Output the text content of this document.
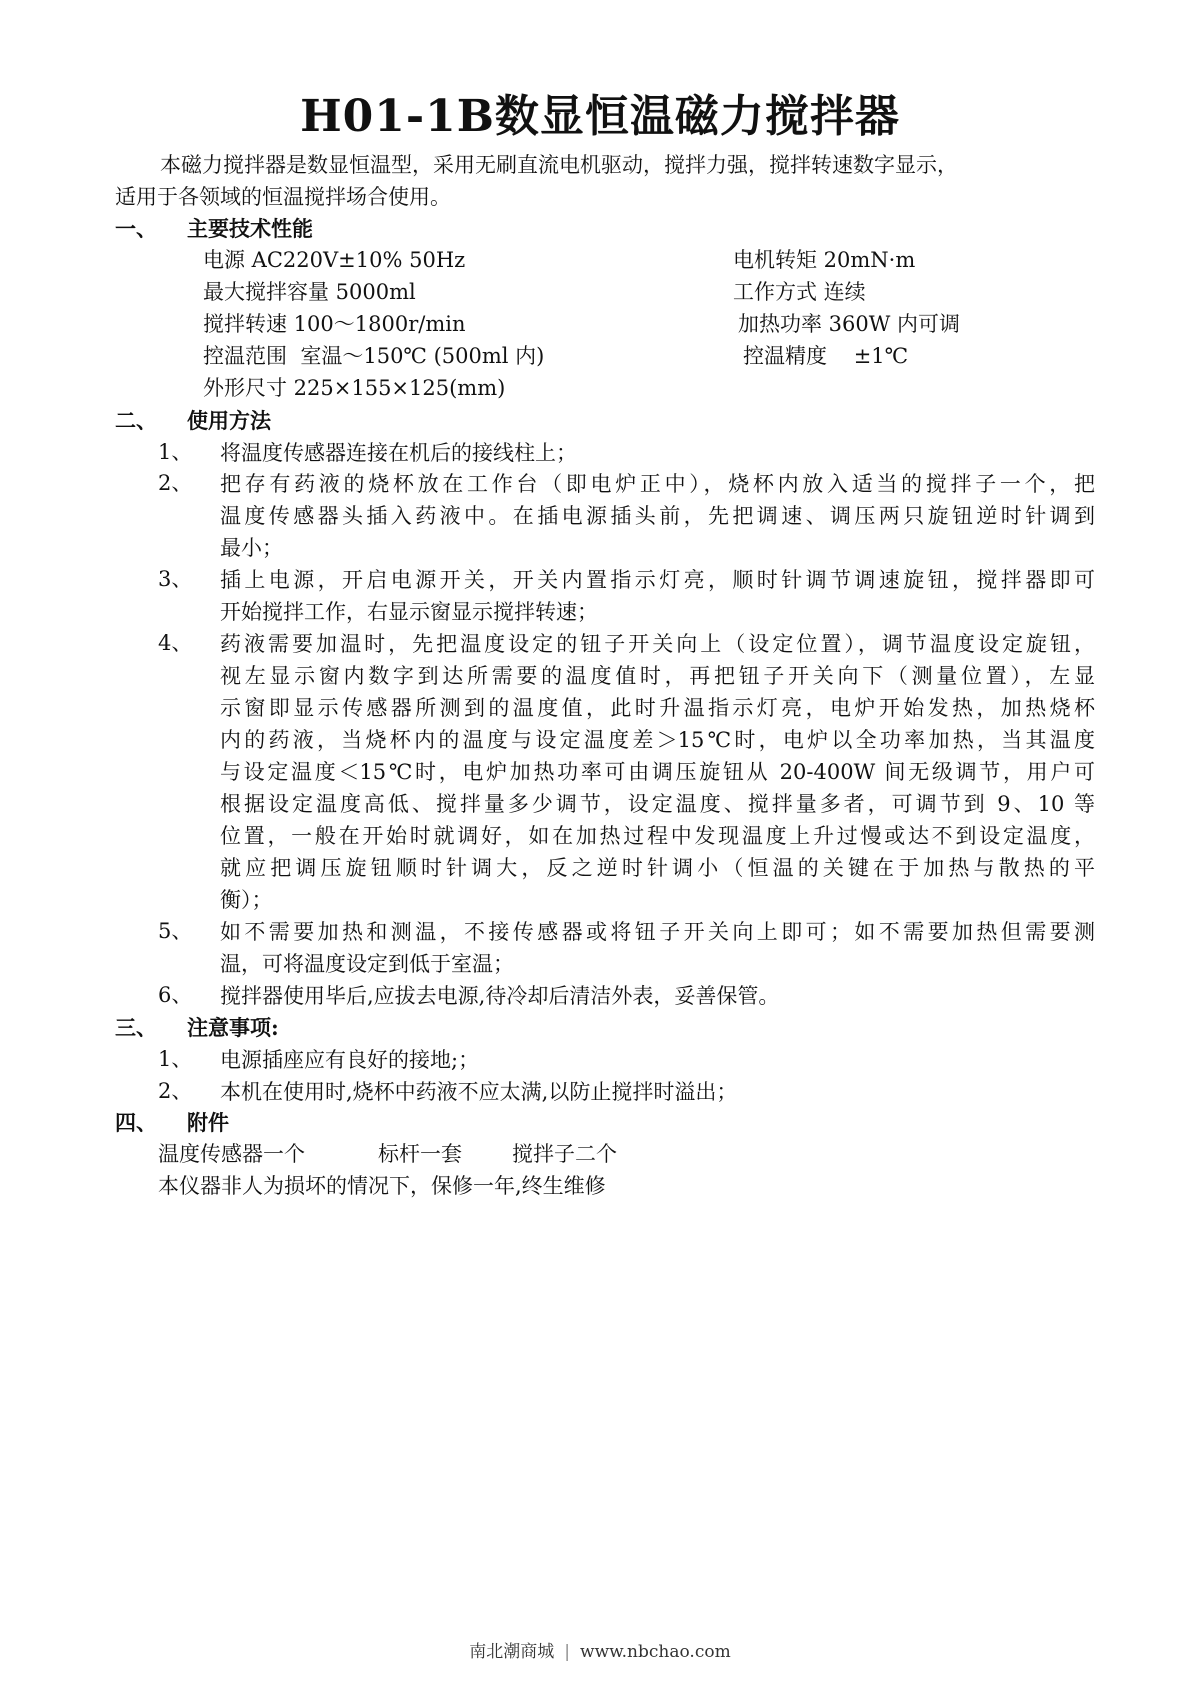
H01-1B数显恒温磁力搅拌器
本磁力搅拌器是数显恒温型，采用无刷直流电机驱动，搅拌力强，搅拌转速数字显示，
适用于各领域的恒温搅拌场合使用。
一、 主要技术性能
电源 AC220V±10% 50Hz	电机转矩 20mN·m
最大搅拌容量 5000ml	工作方式 连续
搅拌转速 100～1800r/min	加热功率 360W 内可调
控温范围  室温～150℃ (500ml 内)	控温精度    ±1℃
外形尺寸 225×155×125(mm)
二、 使用方法
1、 将温度传感器连接在机后的接线柱上；
2、 把存有药液的烧杯放在工作台（即电炉正中），烧杯内放入适当的搅拌子一个，把
温度传感器头插入药液中。在插电源插头前，先把调速、调压两只旋钮逆时针调到
最小；
3、 插上电源，开启电源开关，开关内置指示灯亮，顺时针调节调速旋钮，搅拌器即可
开始搅拌工作，右显示窗显示搅拌转速；
4、 药液需要加温时，先把温度设定的钮子开关向上（设定位置），调节温度设定旋钮，
视左显示窗内数字到达所需要的温度值时，再把钮子开关向下（测量位置），左显
示窗即显示传感器所测到的温度值，此时升温指示灯亮，电炉开始发热，加热烧杯
内的药液，当烧杯内的温度与设定温度差＞15℃时，电炉以全功率加热，当其温度
与设定温度＜15℃时，电炉加热功率可由调压旋钮从 20-400W 间无级调节，用户可
根据设定温度高低、搅拌量多少调节，设定温度、搅拌量多者，可调节到 9、10 等
位置，一般在开始时就调好，如在加热过程中发现温度上升过慢或达不到设定温度，
就应把调压旋钮顺时针调大，反之逆时针调小（恒温的关键在于加热与散热的平
衡）；
5、 如不需要加热和测温，不接传感器或将钮子开关向上即可；如不需要加热但需要测
温，可将温度设定到低于室温；
6、 搅拌器使用毕后,应拔去电源,待冷却后清洁外表，妥善保管。
三、 注意事项:
1、 电源插座应有良好的接地;；
2、 本机在使用时,烧杯中药液不应太满,以防止搅拌时溢出；
四、 附件
温度传感器一个	标杆一套 搅拌子二个
本仪器非人为损坏的情况下，保修一年,终生维修
南北潮商城 | www.nbchao.com
